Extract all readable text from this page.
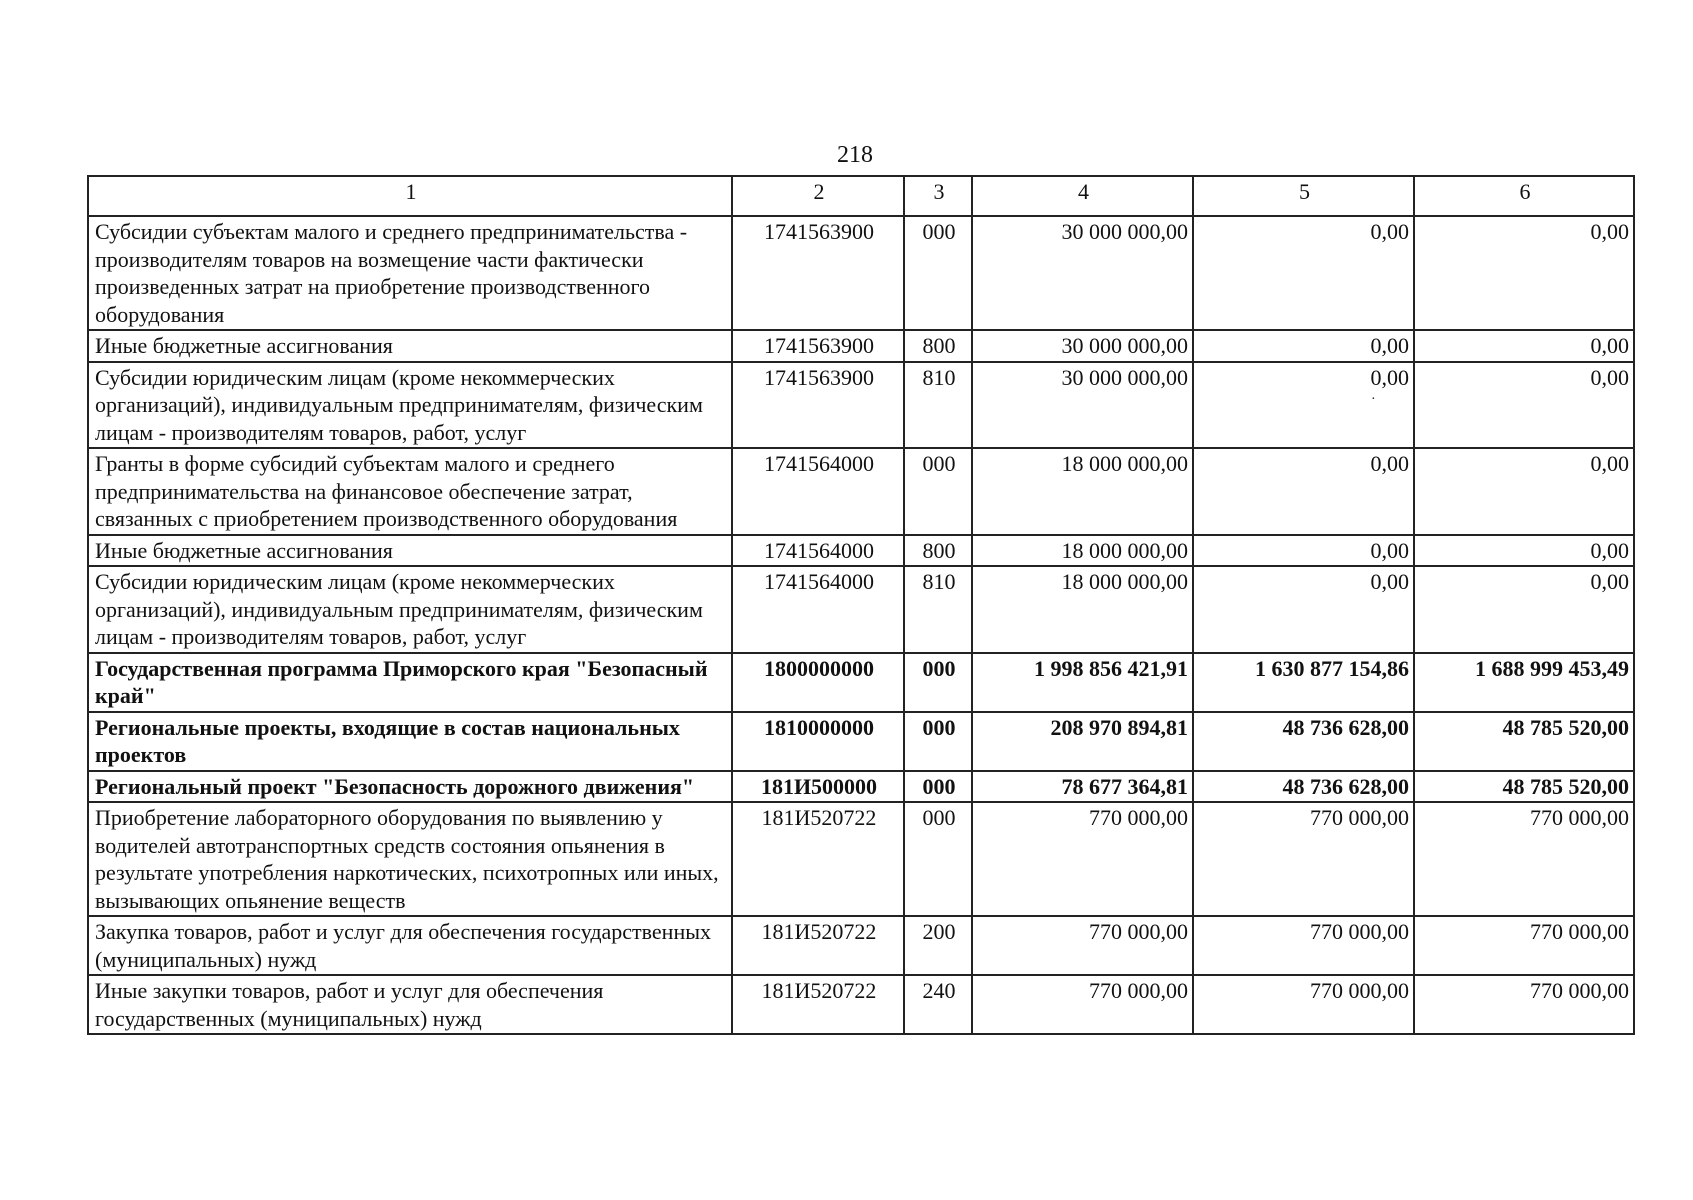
218
1	2	3	4	5	6
Субсидии субъектам малого и среднего предпринимательства - производителям товаров на возмещение части фактически произведенных затрат на приобретение производственного оборудования	1741563900	000	30 000 000,00	0,00	0,00
Иные бюджетные ассигнования	1741563900	800	30 000 000,00	0,00	0,00
Субсидии юридическим лицам (кроме некоммерческих организаций), индивидуальным предпринимателям, физическим лицам - производителям товаров, работ, услуг	1741563900	810	30 000 000,00	0,00	0,00
Гранты в форме субсидий субъектам малого и среднего предпринимательства на финансовое обеспечение затрат, связанных с приобретением производственного оборудования	1741564000	000	18 000 000,00	0,00	0,00
Иные бюджетные ассигнования	1741564000	800	18 000 000,00	0,00	0,00
Субсидии юридическим лицам (кроме некоммерческих организаций), индивидуальным предпринимателям, физическим лицам - производителям товаров, работ, услуг	1741564000	810	18 000 000,00	0,00	0,00
Государственная программа Приморского края "Безопасный край"	1800000000	000	1 998 856 421,91	1 630 877 154,86	1 688 999 453,49
Региональные проекты, входящие в состав национальных проектов	1810000000	000	208 970 894,81	48 736 628,00	48 785 520,00
Региональный проект "Безопасность дорожного движения"	181И500000	000	78 677 364,81	48 736 628,00	48 785 520,00
Приобретение лабораторного оборудования по выявлению у водителей автотранспортных средств состояния опьянения в результате употребления наркотических, психотропных или иных, вызывающих опьянение веществ	181И520722	000	770 000,00	770 000,00	770 000,00
Закупка товаров, работ и услуг для обеспечения государственных (муниципальных) нужд	181И520722	200	770 000,00	770 000,00	770 000,00
Иные закупки товаров, работ и услуг для обеспечения государственных (муниципальных) нужд	181И520722	240	770 000,00	770 000,00	770 000,00
·
